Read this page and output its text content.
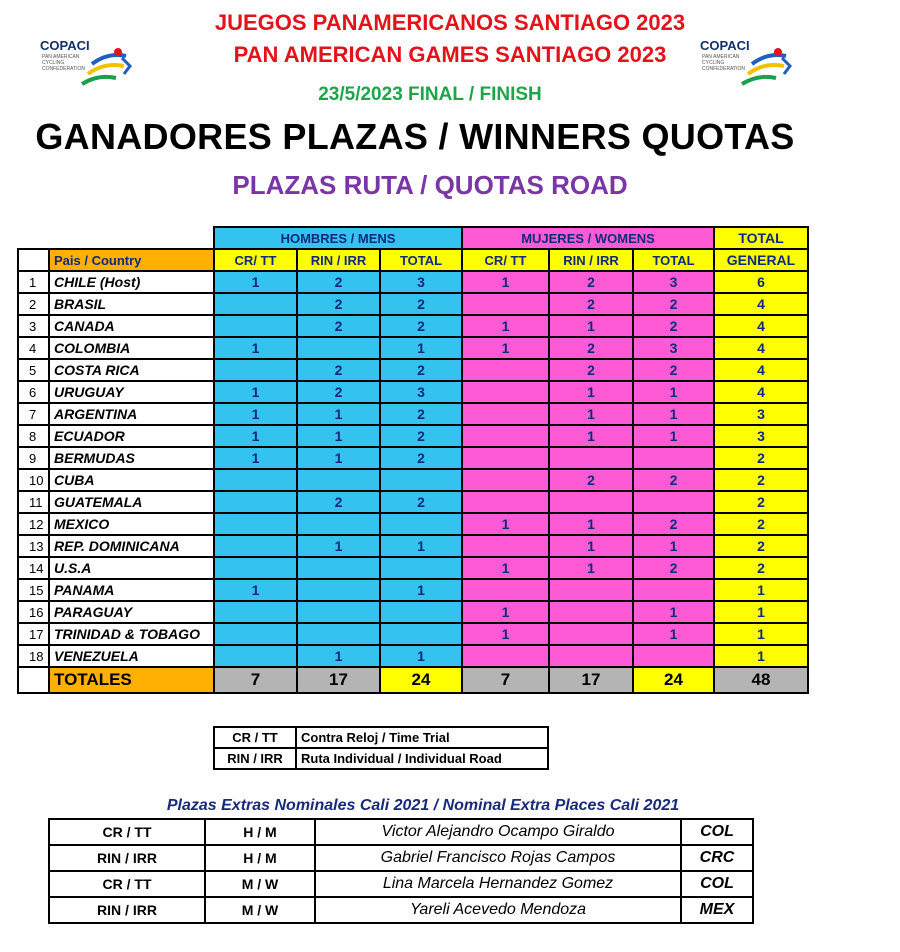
COPACI
PAN AMERICAN CYCLING CONFEDERATION
COPACI
PAN AMERICAN CYCLING CONFEDERATION
JUEGOS PANAMERICANOS SANTIAGO 2023
PAN AMERICAN GAMES SANTIAGO 2023
23/5/2023 FINAL / FINISH
GANADORES PLAZAS / WINNERS QUOTAS
PLAZAS RUTA / QUOTAS ROAD
		HOMBRES / MENS			MUJERES / WOMENS			TOTAL
	Pais / Country	CR/ TT	RIN / IRR	TOTAL	CR/ TT	RIN / IRR	TOTAL	GENERAL
1	CHILE (Host)	1	2	3	1	2	3	6
2	BRASIL		2	2		2	2	4
3	CANADA		2	2	1	1	2	4
4	COLOMBIA	1		1	1	2	3	4
5	COSTA RICA		2	2		2	2	4
6	URUGUAY	1	2	3		1	1	4
7	ARGENTINA	1	1	2		1	1	3
8	ECUADOR	1	1	2		1	1	3
9	BERMUDAS	1	1	2				2
10	CUBA					2	2	2
11	GUATEMALA		2	2				2
12	MEXICO				1	1	2	2
13	REP. DOMINICANA		1	1		1	1	2
14	U.S.A				1	1	2	2
15	PANAMA	1		1				1
16	PARAGUAY				1		1	1
17	TRINIDAD & TOBAGO				1		1	1
18	VENEZUELA		1	1				1
	TOTALES	7	17	24	7	17	24	48
CR / TT	Contra Reloj / Time Trial
RIN / IRR	Ruta Individual / Individual Road
Plazas Extras Nominales Cali 2021 / Nominal Extra Places Cali 2021
CR / TT	H / M	Victor Alejandro Ocampo Giraldo	COL
RIN / IRR	H / M	Gabriel Francisco Rojas Campos	CRC
CR / TT	M / W	Lina Marcela Hernandez Gomez	COL
RIN / IRR	M / W	Yareli Acevedo Mendoza	MEX
